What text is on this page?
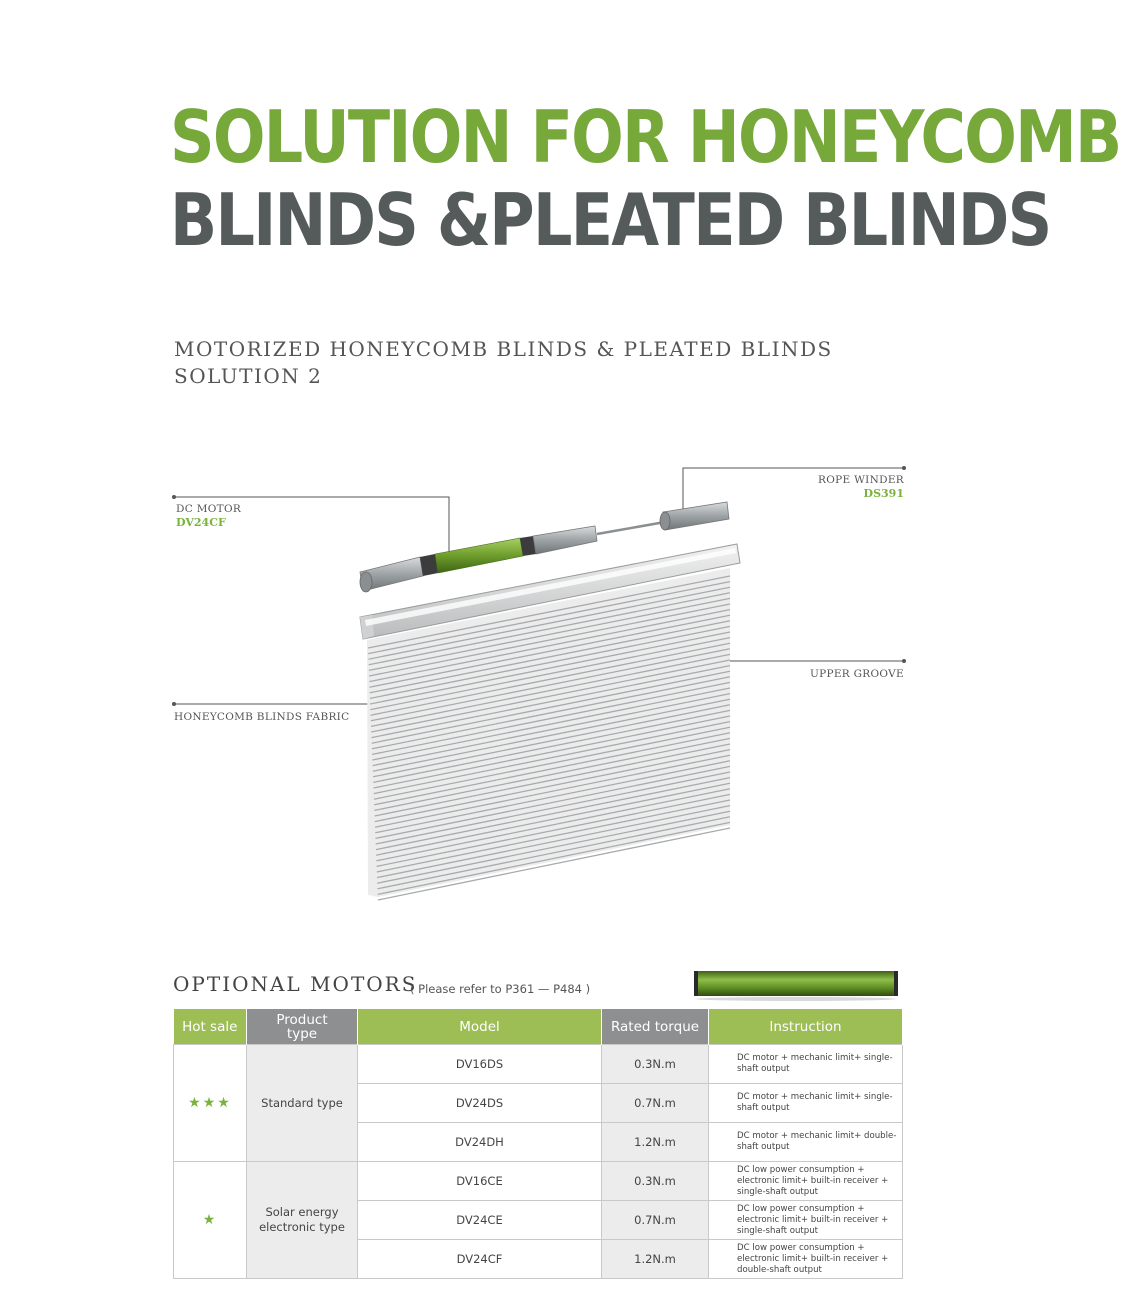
SOLUTION FOR HONEYCOMB
BLINDS &PLEATED BLINDS
MOTORIZED HONEYCOMB BLINDS & PLEATED BLINDS
SOLUTION 2
DC MOTOR
DV24CF
ROPE WINDER
DS391
UPPER GROOVE
HONEYCOMB BLINDS FABRIC
OPTIONAL MOTORS
( Please refer to P361 — P484 )
Hot sale	Product type	Model	Rated torque	Instruction
★★★	Standard type	DV16DS	0.3N.m	DC motor + mechanic limit+ single-shaft output
		DV24DS	0.7N.m	DC motor + mechanic limit+ single-shaft output
		DV24DH	1.2N.m	DC motor + mechanic limit+ double-shaft output
★	Solar energy electronic type	DV16CE	0.3N.m	DC low power consumption + electronic limit+ built-in receiver + single-shaft output
		DV24CE	0.7N.m	DC low power consumption + electronic limit+ built-in receiver + single-shaft output
		DV24CF	1.2N.m	DC low power consumption + electronic limit+ built-in receiver + double-shaft output
